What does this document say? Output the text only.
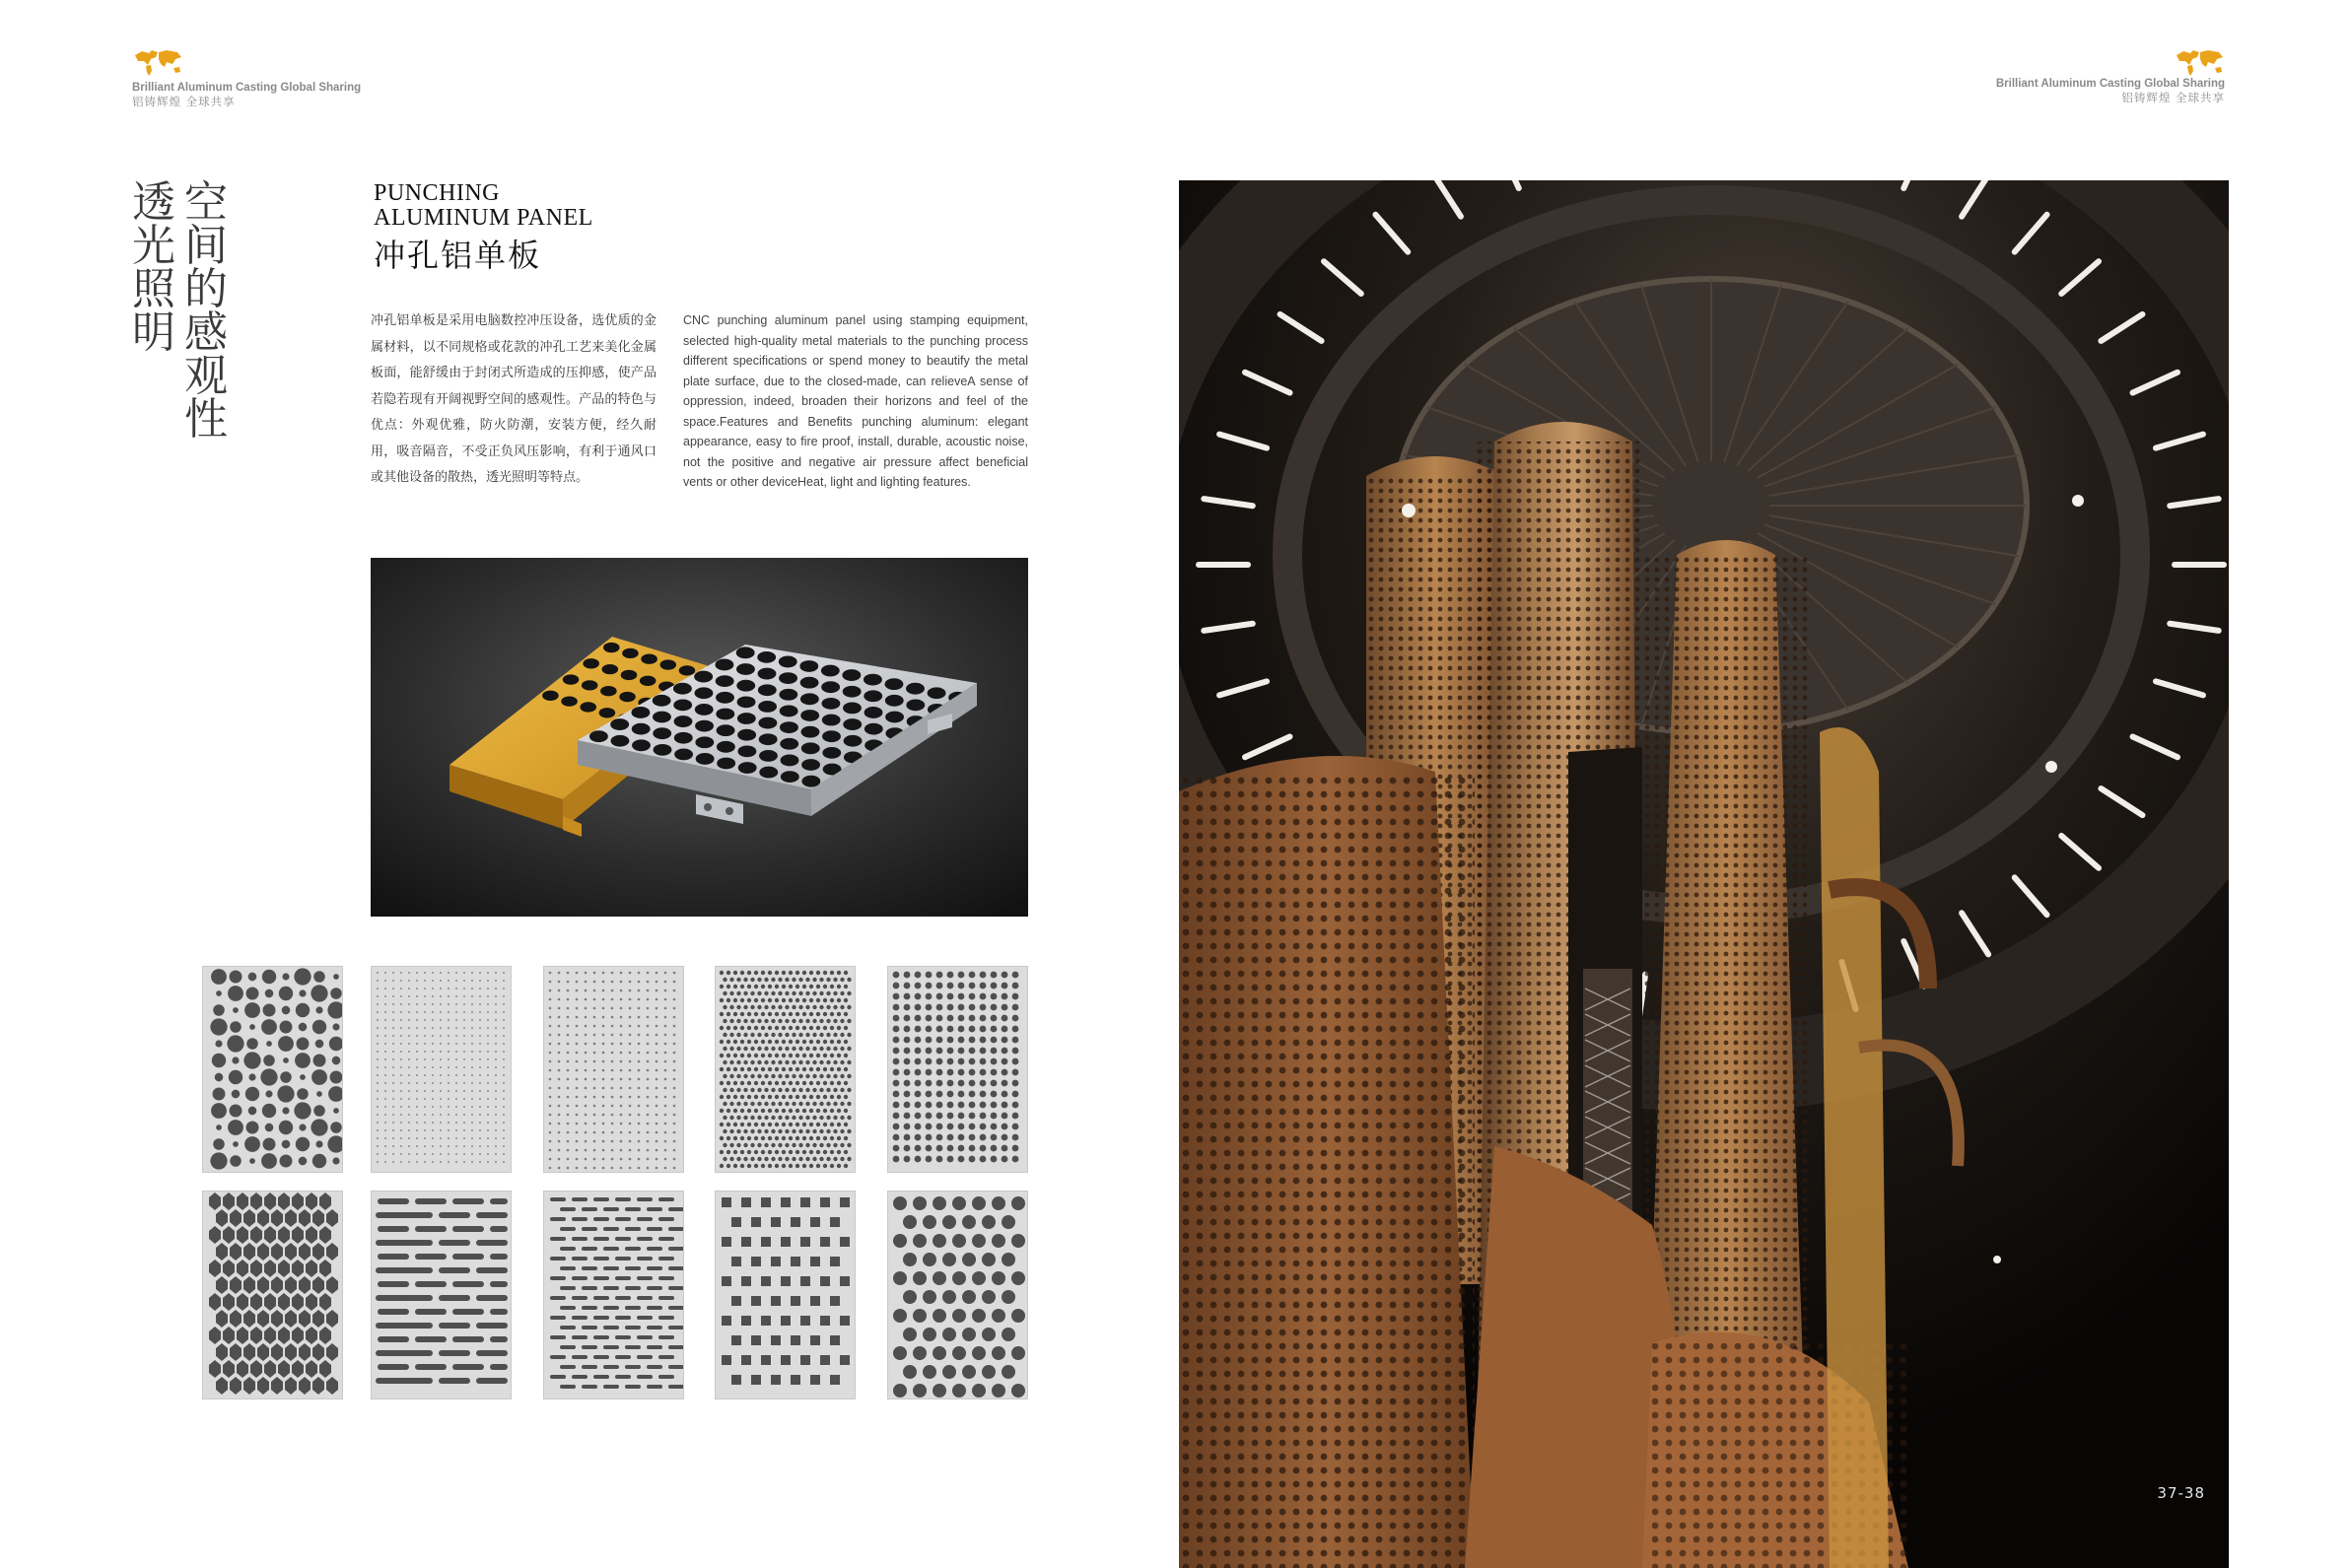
Brilliant Aluminum Casting Global Sharing
铝铸辉煌 全球共享
Brilliant Aluminum Casting Global Sharing
铝铸辉煌 全球共享
空
间
的
感
观
性
透
光
照
明
PUNCHING
ALUMINUM PANEL
冲孔铝单板
冲孔铝单板是采用电脑数控冲压设备，选优质的金属材料，以不同规格或花款的冲孔工艺来美化金属板面，能舒缓由于封闭式所造成的压抑感，使产品若隐若现有开阔视野空间的感观性。产品的特色与优点：外观优雅，防火防潮，安装方便，经久耐用，吸音隔音，不受正负风压影响，有利于通风口或其他设备的散热，透光照明等特点。
CNC punching aluminum panel using stamping equipment, selected high-quality metal materials to the punching process different specifications or spend money to beautify the metal plate surface, due to the closed-made, can relieveA sense of oppression, indeed, broaden their horizons and feel of the space.Features and Benefits punching aluminum: elegant appearance, easy to fire proof, install, durable, acoustic noise, not the positive and negative air pressure affect beneficial vents or other deviceHeat, light and lighting features.
37-38
